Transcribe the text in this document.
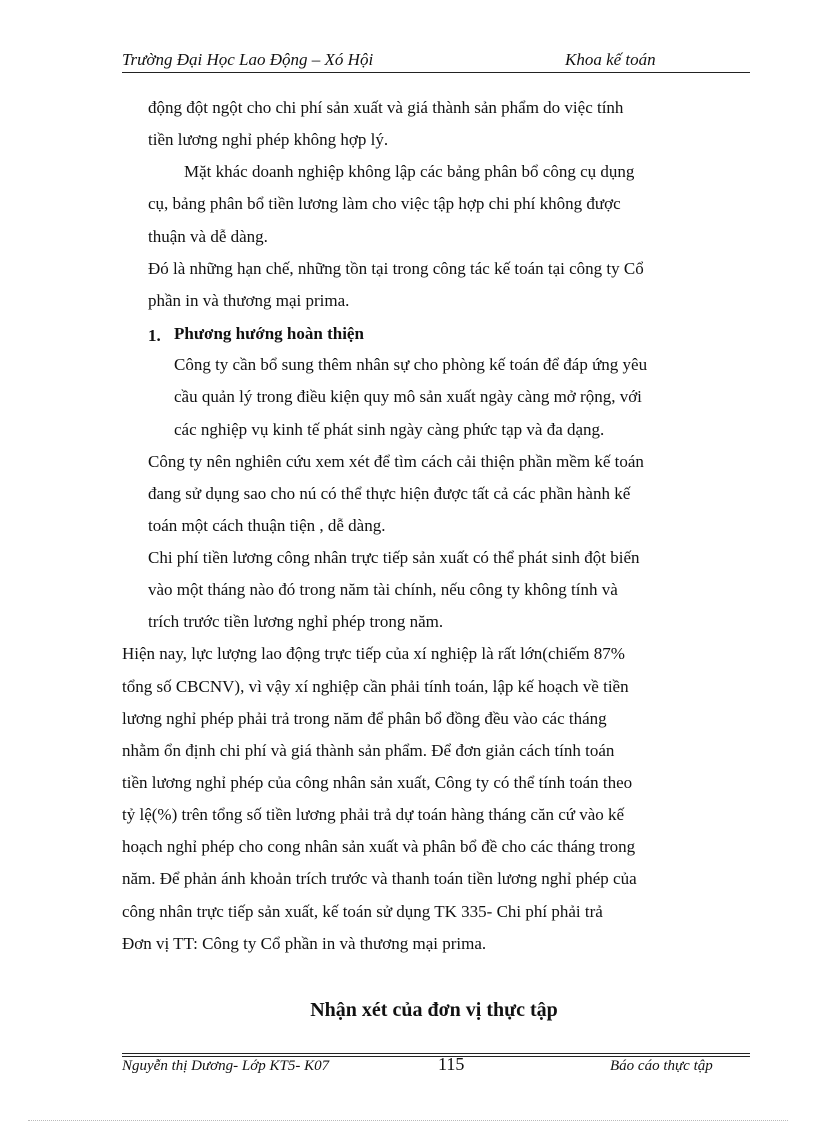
Trường Đại Học Lao Động – Xó Hội	Khoa kế toán
động đột ngột cho chi phí sản xuất và giá thành sản phẩm do việc tính
tiền lương nghỉ phép không hợp lý.
Mặt khác doanh nghiệp không lập các bảng phân bổ công cụ dụng
cụ, bảng phân bổ tiền lương làm cho việc tập hợp chi phí không được
thuận và dễ dàng.
Đó là những hạn chế, những tồn tại trong công tác kế toán tại công ty Cổ
phần in và thương mại prima.
1. Phương hướng hoàn thiện
Công ty cần bổ sung thêm nhân sự cho phòng kế toán để đáp ứng yêu
cầu quản lý trong điều kiện quy mô sản xuất ngày càng mở rộng, với
các nghiệp vụ kinh tế phát sinh ngày càng phức tạp và đa dạng.
Công ty nên nghiên cứu xem xét để tìm cách cải thiện phần mềm kế toán
đang sử dụng sao cho nú có thể thực hiện được tất cả các phần hành kế
toán một cách thuận tiện , dễ dàng.
Chi phí tiền lương công nhân trực tiếp sản xuất có thể phát sinh đột biến
vào một tháng nào đó trong năm tài chính, nếu công ty không tính và
trích trước tiền lương nghỉ phép trong năm.
Hiện nay, lực lượng lao động trực tiếp của xí nghiệp là rất lớn(chiếm 87%
tổng số CBCNV), vì vậy xí nghiệp cần phải tính toán, lập kế hoạch về tiền
lương nghỉ phép phải trả trong năm để phân bổ đồng đều vào các tháng
nhằm ổn định chi phí và giá thành sản phẩm. Để đơn giản cách tính toán
tiền lương nghỉ phép của công nhân sản xuất, Công ty có thể tính toán theo
tỷ lệ(%) trên tổng số tiền lương phải trả dự toán hàng tháng căn cứ vào kế
hoạch nghỉ phép cho cong nhân sản xuất và phân bổ đề cho các tháng trong
năm. Để phản ánh khoản trích trước và thanh toán tiền lương nghỉ phép của
công nhân trực tiếp sản xuất, kế toán sử dụng TK 335- Chi phí phải trả
Đơn vị TT: Công ty Cổ phần in và thương mại prima.
Nhận xét của đơn vị thực tập
Nguyễn thị Dương- Lớp KT5- K07	115	Báo cáo thực tập
